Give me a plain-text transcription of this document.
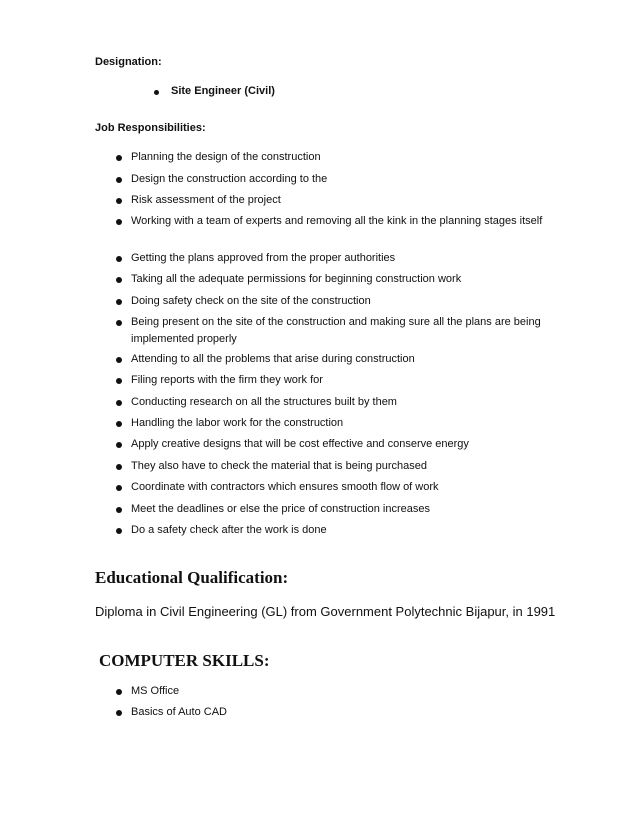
Designation:
Site Engineer (Civil)
Job Responsibilities:
Planning the design of the construction
Design the construction according to the
Risk assessment of the project
Working with a team of experts and removing all the kink in the planning stages itself
Getting the plans approved from the proper authorities
Taking all the adequate permissions for beginning construction work
Doing safety check on the site of the construction
Being present on the site of the construction and making sure all the plans are being implemented properly
Attending to all the problems that arise during construction
Filing reports with the firm they work for
Conducting research on all the structures built by them
Handling the labor work for the construction
Apply creative designs that will be cost effective and conserve energy
They also have to check the material that is being purchased
Coordinate with contractors which ensures smooth flow of work
Meet the deadlines or else the price of construction increases
Do a safety check after the work is done
Educational Qualification:
Diploma in Civil Engineering (GL) from Government Polytechnic Bijapur, in 1991
COMPUTER SKILLS:
MS Office
Basics of Auto CAD
